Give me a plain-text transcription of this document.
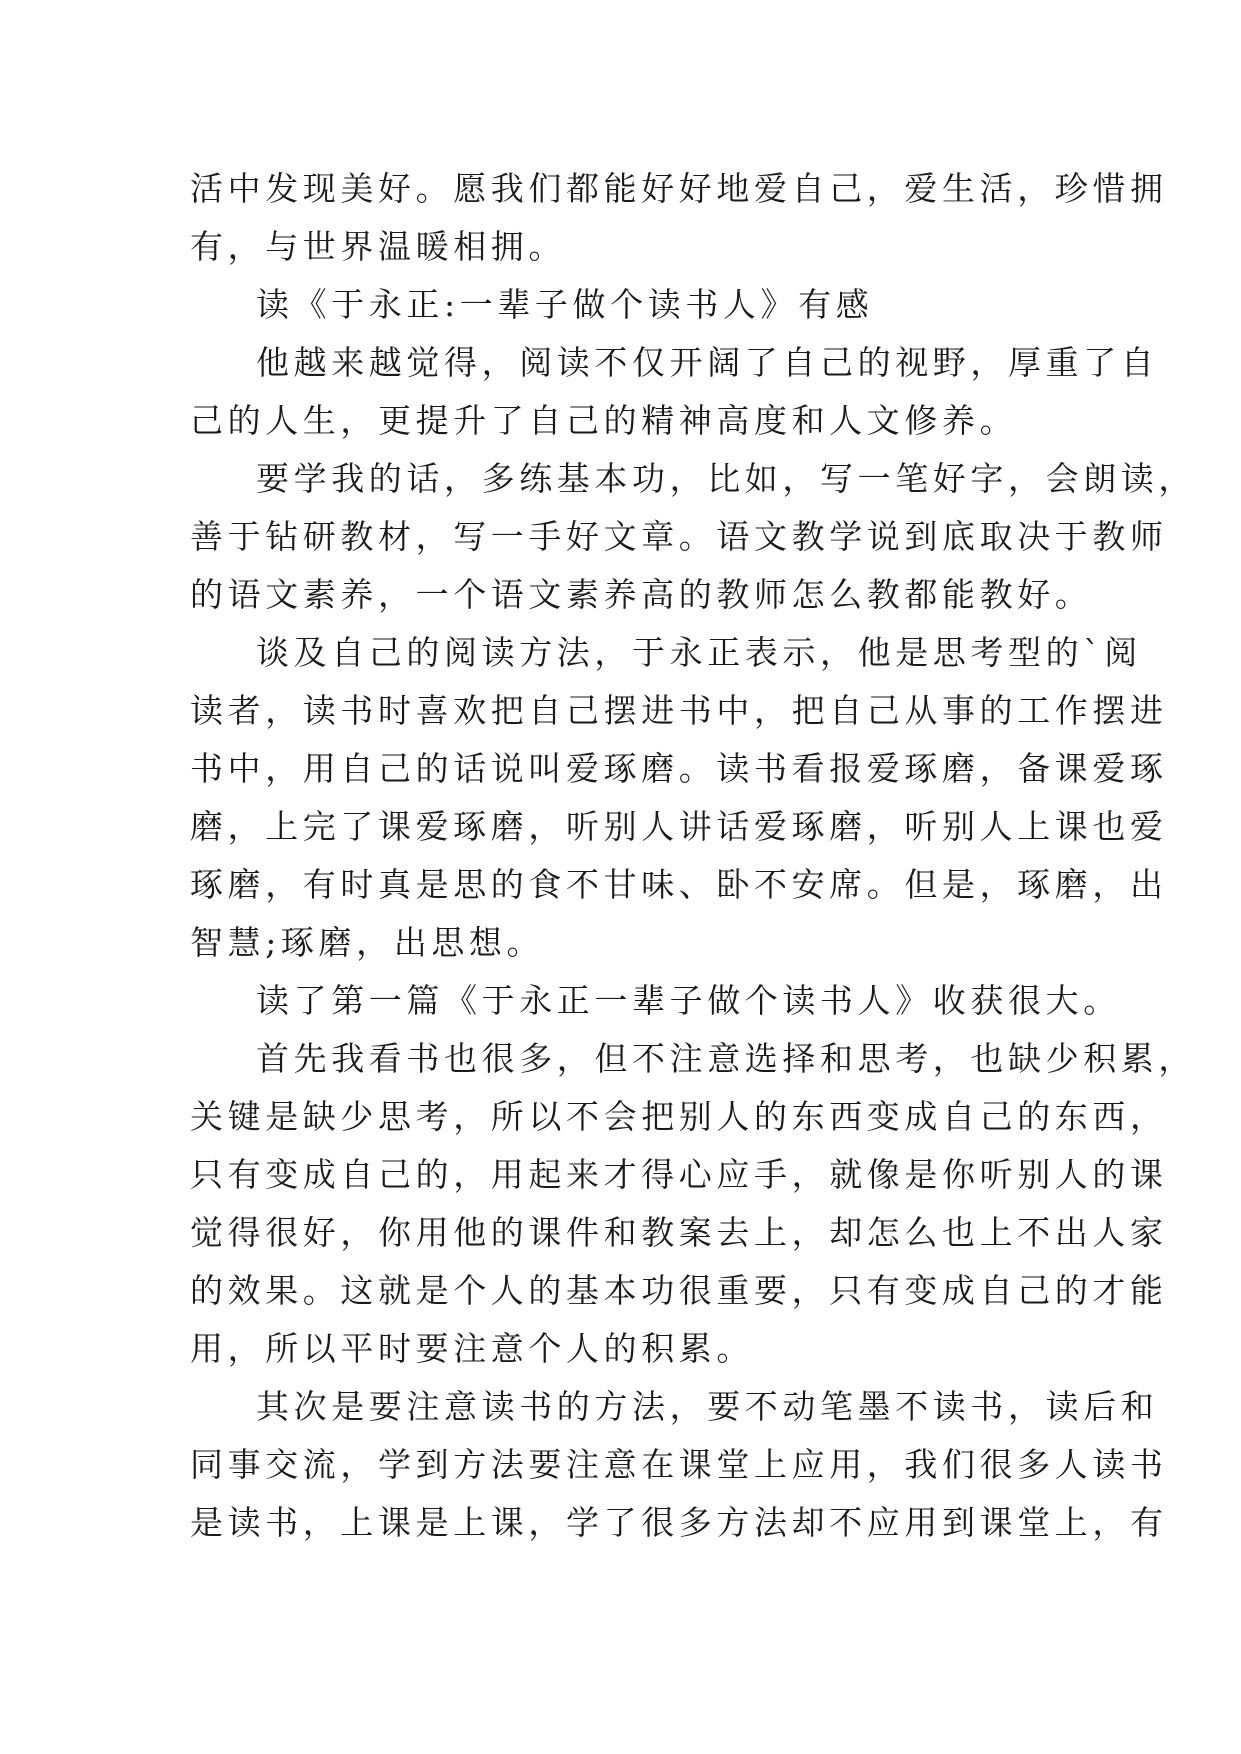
活中发现美好。愿我们都能好好地爱自己，爱生活，珍惜拥
有，与世界温暖相拥。
读《于永正:一辈子做个读书人》有感
他越来越觉得，阅读不仅开阔了自己的视野，厚重了自
己的人生，更提升了自己的精神高度和人文修养。
要学我的话，多练基本功，比如，写一笔好字，会朗读，
善于钻研教材，写一手好文章。语文教学说到底取决于教师
的语文素养，一个语文素养高的教师怎么教都能教好。
谈及自己的阅读方法，于永正表示，他是思考型的`阅
读者，读书时喜欢把自己摆进书中，把自己从事的工作摆进
书中，用自己的话说叫爱琢磨。读书看报爱琢磨，备课爱琢
磨，上完了课爱琢磨，听别人讲话爱琢磨，听别人上课也爱
琢磨，有时真是思的食不甘味、卧不安席。但是，琢磨，出
智慧;琢磨，出思想。
读了第一篇《于永正一辈子做个读书人》收获很大。
首先我看书也很多，但不注意选择和思考，也缺少积累，
关键是缺少思考，所以不会把别人的东西变成自己的东西，
只有变成自己的，用起来才得心应手，就像是你听别人的课
觉得很好，你用他的课件和教案去上，却怎么也上不出人家
的效果。这就是个人的基本功很重要，只有变成自己的才能
用，所以平时要注意个人的积累。
其次是要注意读书的方法，要不动笔墨不读书，读后和
同事交流，学到方法要注意在课堂上应用，我们很多人读书
是读书，上课是上课，学了很多方法却不应用到课堂上，有
